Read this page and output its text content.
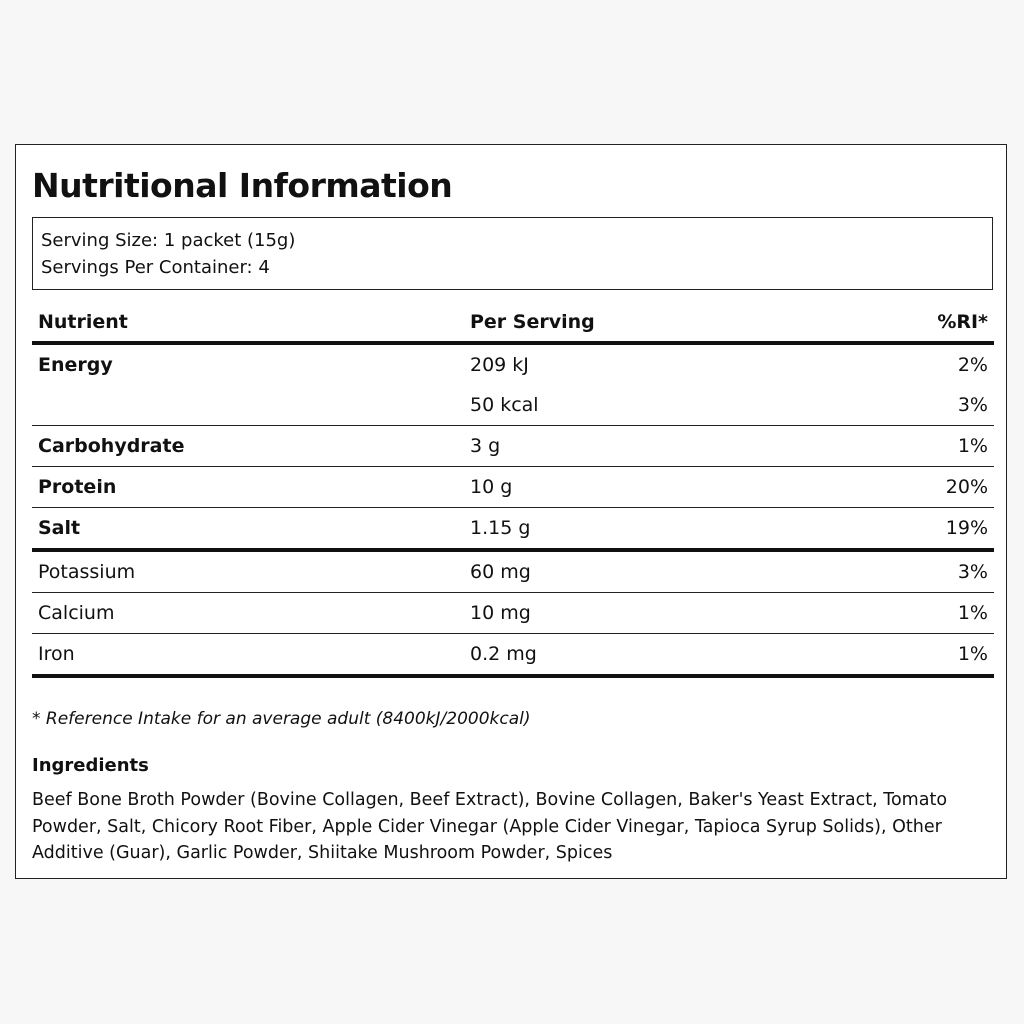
Nutritional Information
Serving Size: 1 packet (15g)
Servings Per Container: 4
Nutrient	Per Serving	%RI*
Energy	209 kJ	2%
	50 kcal	3%
Carbohydrate	3 g	1%
Protein	10 g	20%
Salt	1.15 g	19%
Potassium	60 mg	3%
Calcium	10 mg	1%
Iron	0.2 mg	1%
* Reference Intake for an average adult (8400kJ/2000kcal)
Ingredients
Beef Bone Broth Powder (Bovine Collagen, Beef Extract), Bovine Collagen, Baker's Yeast Extract, Tomato Powder, Salt, Chicory Root Fiber, Apple Cider Vinegar (Apple Cider Vinegar, Tapioca Syrup Solids), Other Additive (Guar), Garlic Powder, Shiitake Mushroom Powder, Spices
